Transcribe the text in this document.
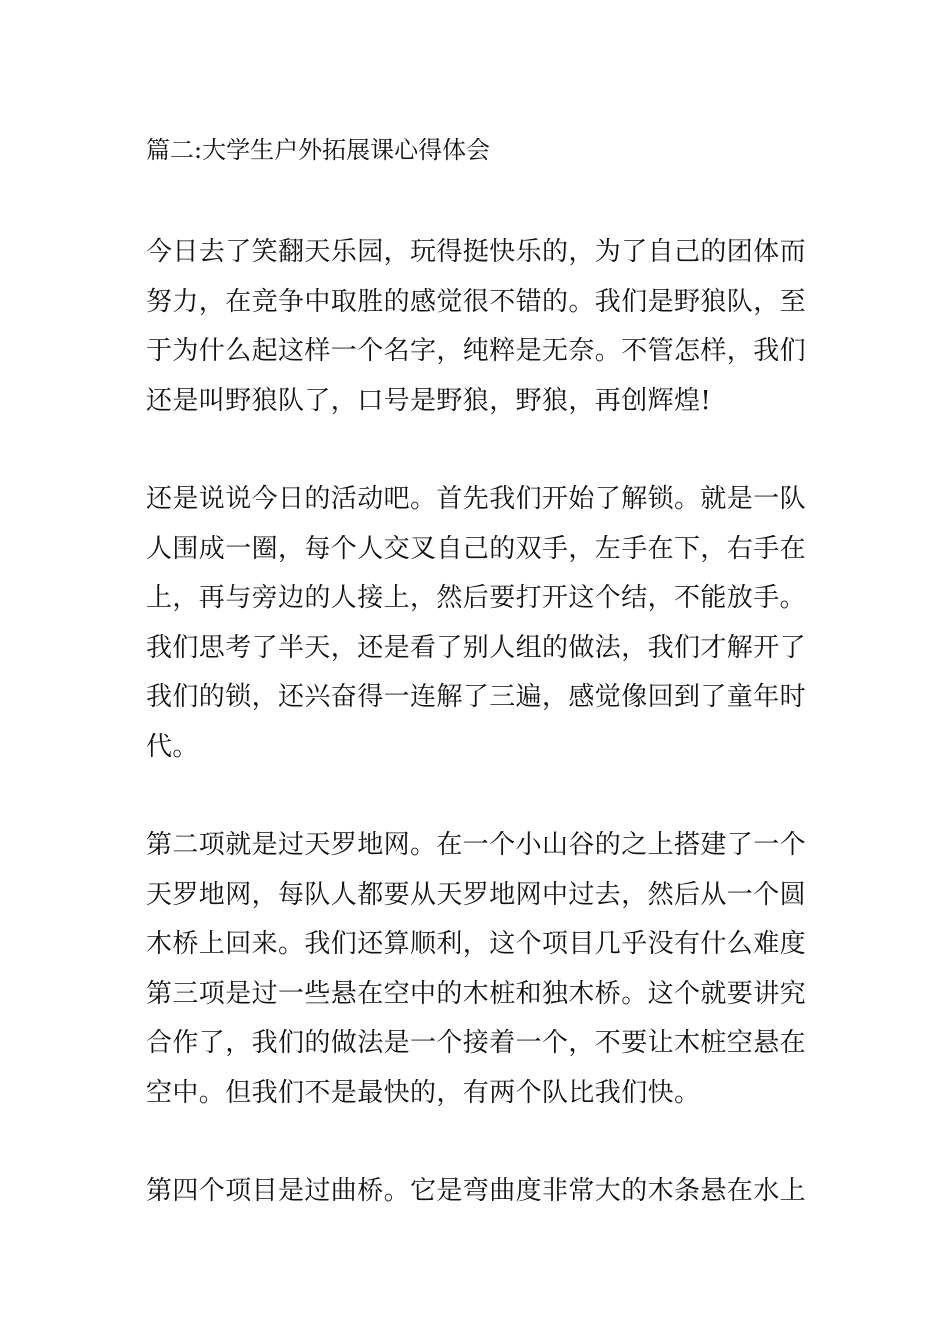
篇二:大学生户外拓展课心得体会
今日去了笑翻天乐园，玩得挺快乐的，为了自己的团体而
努力，在竞争中取胜的感觉很不错的。我们是野狼队，至
于为什么起这样一个名字，纯粹是无奈。不管怎样，我们
还是叫野狼队了，口号是野狼，野狼，再创辉煌!
还是说说今日的活动吧。首先我们开始了解锁。就是一队
人围成一圈，每个人交叉自己的双手，左手在下，右手在
上，再与旁边的人接上，然后要打开这个结，不能放手。
我们思考了半天，还是看了别人组的做法，我们才解开了
我们的锁，还兴奋得一连解了三遍，感觉像回到了童年时
代。
第二项就是过天罗地网。在一个小山谷的之上搭建了一个
天罗地网，每队人都要从天罗地网中过去，然后从一个圆
木桥上回来。我们还算顺利，这个项目几乎没有什么难度
第三项是过一些悬在空中的木桩和独木桥。这个就要讲究
合作了，我们的做法是一个接着一个，不要让木桩空悬在
空中。但我们不是最快的，有两个队比我们快。
第四个项目是过曲桥。它是弯曲度非常大的木条悬在水上
